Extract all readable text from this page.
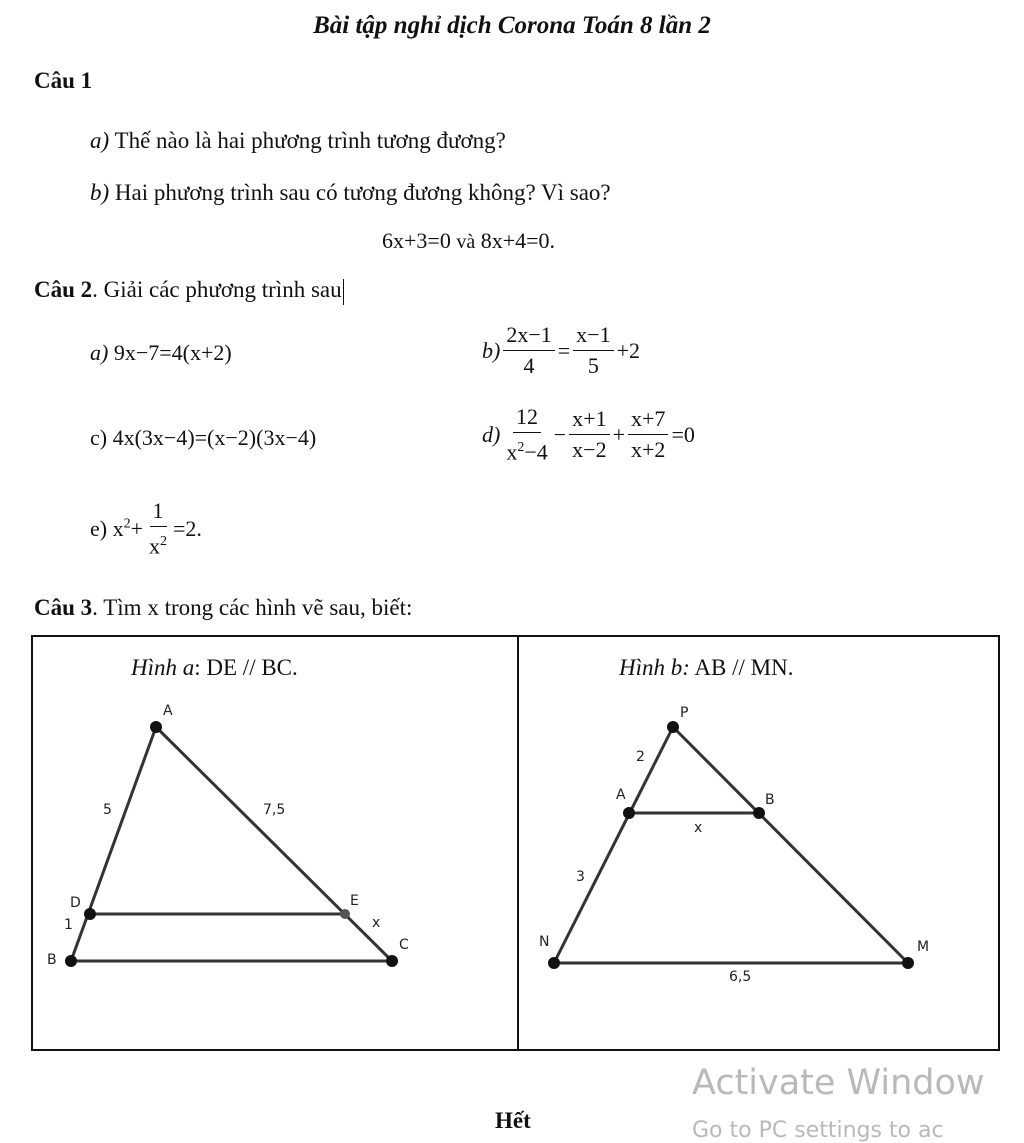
Bài tập nghỉ dịch Corona Toán 8 lần 2
Câu 1
a) Thế nào là hai phương trình tương đương?
b) Hai phương trình sau có tương đương không? Vì sao?
6x+3=0 và 8x+4=0.
Câu 2. Giải các phương trình sau
a) 9x−7=4(x+2)	$b) \frac{2x-1}{4} = \frac{x-1}{5} +2$
c) 4x(3x−4)=(x−2)(3x−4)	$d) \frac{12}{x^2-4} - \frac{x+1}{x-2} + \frac{x+7}{x+2} =0$
e)
$x^2 + \frac{1}{x^2} =2$.
Câu 3. Tìm x trong các hình vẽ sau, biết:
Hình a: DE // BC.	Hình b: AB // MN.
A
B
C
D	E
5
1
7,5
x
P
A	B
N	M
2
3
x
6,5
Hết
Activate Window
Go to PC settings to ac
